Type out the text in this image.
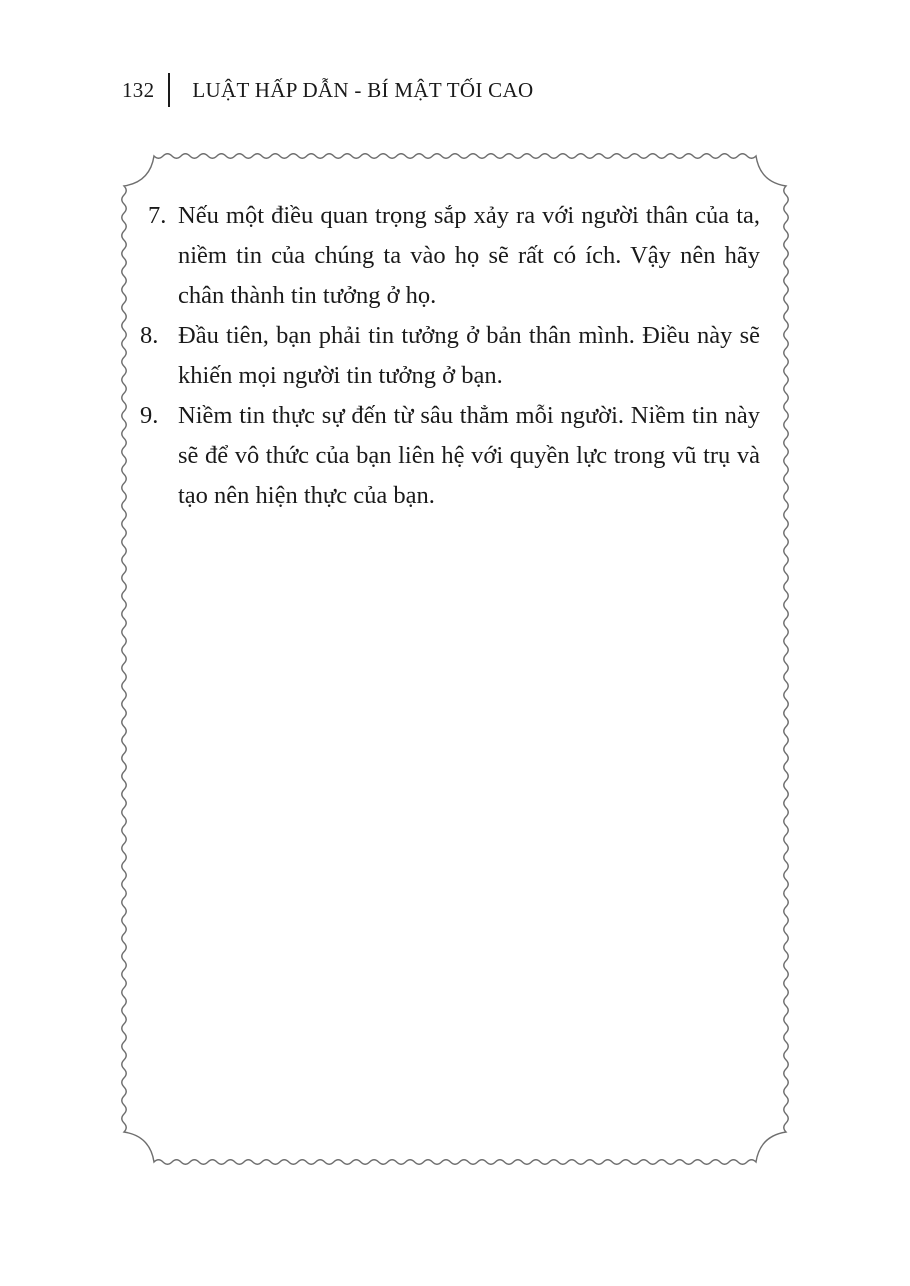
132	LUẬT HẤP DẪN - BÍ MẬT TỐI CAO
7. Nếu một điều quan trọng sắp xảy ra với người thân của ta, niềm tin của chúng ta vào họ sẽ rất có ích. Vậy nên hãy chân thành tin tưởng ở họ.
8. Đầu tiên, bạn phải tin tưởng ở bản thân mình. Điều này sẽ khiến mọi người tin tưởng ở bạn.
9. Niềm tin thực sự đến từ sâu thẳm mỗi người. Niềm tin này sẽ để vô thức của bạn liên hệ với quyền lực trong vũ trụ và tạo nên hiện thực của bạn.
